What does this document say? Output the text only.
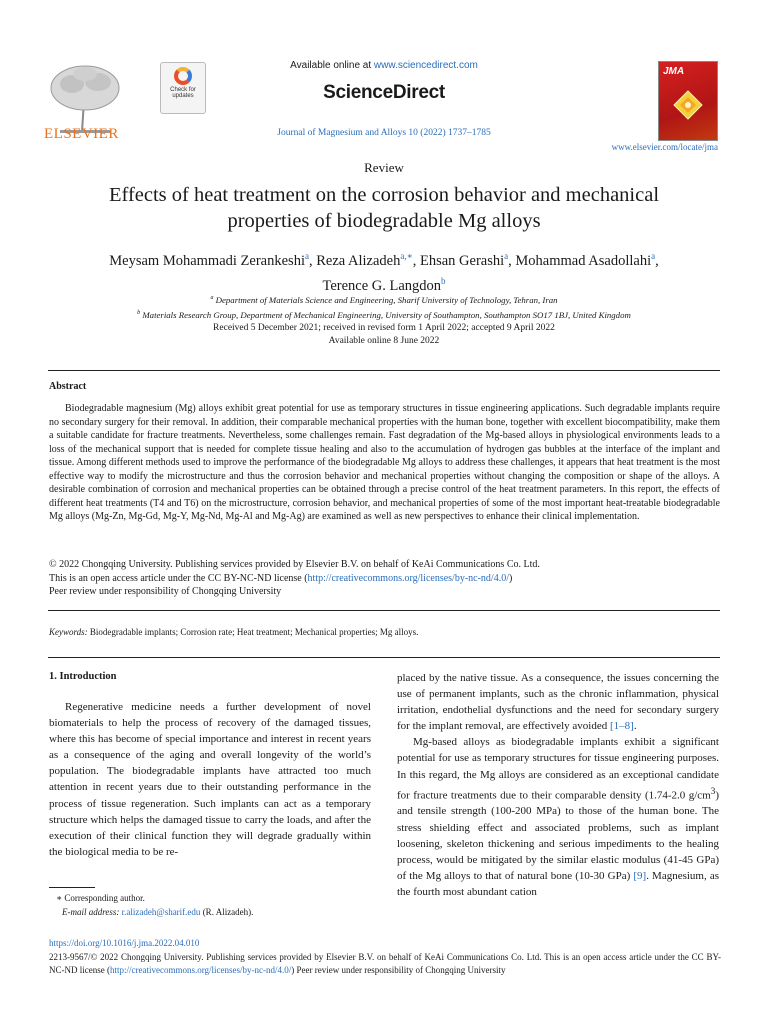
ELSEVIER
Check for
updates
Available online at www.sciencedirect.com
ScienceDirect
Journal of Magnesium and Alloys 10 (2022) 1737–1785
JMA
www.elsevier.com/locate/jma
Review
Effects of heat treatment on the corrosion behavior and mechanical
properties of biodegradable Mg alloys
Meysam Mohammadi Zerankeshi$^a$, Reza Alizadeh$^{a,∗}$, Ehsan Gerashi$^a$, Mohammad Asadollahi$^a$,
Terence G. Langdon$^b$
$^a$ Department of Materials Science and Engineering, Sharif University of Technology, Tehran, Iran
$^b$ Materials Research Group, Department of Mechanical Engineering, University of Southampton, Southampton SO17 1BJ, United Kingdom
Received 5 December 2021; received in revised form 1 April 2022; accepted 9 April 2022
Available online 8 June 2022
Abstract
Biodegradable magnesium (Mg) alloys exhibit great potential for use as temporary structures in tissue engineering applications. Such degradable implants require no secondary surgery for their removal. In addition, their comparable mechanical properties with the human bone, together with excellent biocompatibility, make them a suitable candidate for fracture treatments. Nevertheless, some challenges remain. Fast degradation of the Mg-based alloys in physiological environments leads to a loss of the mechanical support that is needed for complete tissue healing and also to the accumulation of hydrogen gas bubbles at the interface of the implant and tissue. Among different methods used to improve the performance of the biodegradable Mg alloys to address these challenges, it appears that heat treatment is the most effective way to modify the microstructure and thus the corrosion behavior and mechanical properties without changing the composition or shape of the alloys. A desirable combination of corrosion and mechanical properties can be obtained through a precise control of the heat treatment parameters. In this report, the effects of different heat treatments (T4 and T6) on the microstructure, corrosion behavior, and mechanical properties of some of the most important heat-treatable biodegradable Mg alloys (Mg-Zn, Mg-Gd, Mg-Y, Mg-Nd, Mg-Al and Mg-Ag) are examined as well as new perspectives to enhance their clinical implementation.
© 2022 Chongqing University. Publishing services provided by Elsevier B.V. on behalf of KeAi Communications Co. Ltd.
This is an open access article under the CC BY-NC-ND license (http://creativecommons.org/licenses/by-nc-nd/4.0/)
Peer review under responsibility of Chongqing University
Keywords: Biodegradable implants; Corrosion rate; Heat treatment; Mechanical properties; Mg alloys.
1. Introduction

Regenerative medicine needs a further development of novel biomaterials to help the process of recovery of the damaged tissues, where this has become of special importance and interest in recent years as a consequence of the aging and overall longevity of the world’s population. The biodegradable implants have attracted too much attention in recent years due to their outstanding performance in the process of tissue regeneration. Such implants can act as a temporary structure which helps the damaged tissue to carry the loads, and after the execution of their clinical function they will degrade gradually within the biological media to be re-

placed by the native tissue. As a consequence, the issues concerning the use of permanent implants, such as the chronic inflammation, physical irritation, endothelial dysfunctions and the need for secondary surgery for the implant removal, are effectively avoided [1–8].

Mg-based alloys as biodegradable implants exhibit a significant potential for use as temporary structures for tissue engineering purposes. In this regard, the Mg alloys are considered as an exceptional candidate for fracture treatments due to their comparable density (1.74-2.0 $g/cm^3$) and tensile strength (100-200 MPa) to those of the human bone. The stress shielding effect and associated problems, such as implant loosening, skeleton thickening and serious impediments to the healing process, would be mitigated by the similar elastic modulus (41-45 GPa) of the Mg alloys to that of natural bone (10-30 GPa) [9]. Magnesium, as the fourth most abundant cation

∗ Corresponding author.
E-mail address: r.alizadeh@sharif.edu (R. Alizadeh).
https://doi.org/10.1016/j.jma.2022.04.010
2213-9567/© 2022 Chongqing University. Publishing services provided by Elsevier B.V. on behalf of KeAi Communications Co. Ltd. This is an open access article under the CC BY-NC-ND license (http://creativecommons.org/licenses/by-nc-nd/4.0/) Peer review under responsibility of Chongqing University
